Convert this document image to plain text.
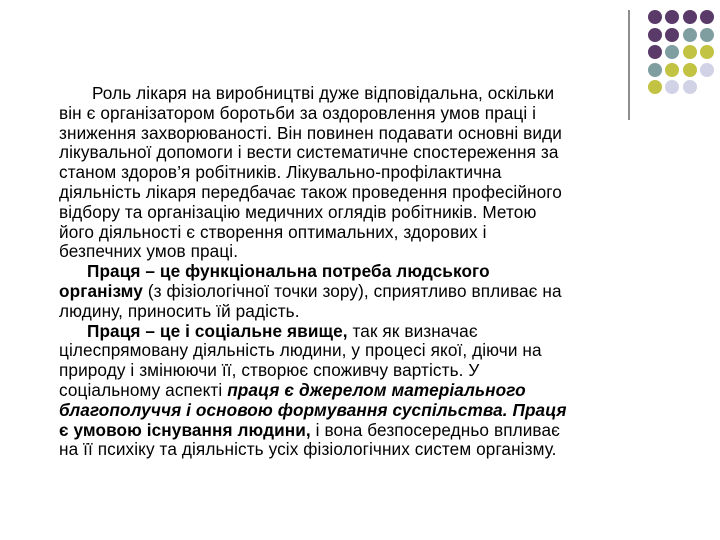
Роль лікаря на виробництві дуже відповідальна, оскільки
він є організатором боротьби за оздоровлення умов праці і
зниження захворюваності. Він повинен подавати основні види
лікувальної допомоги і вести систематичне спостереження за
станом здоров’я робітників. Лікувально-профілактична
діяльність лікаря передбачає також проведення професійного
відбору та організацію медичних оглядів робітників. Метою
його діяльності є створення оптимальних, здорових і
безпечних умов праці.

Праця – це функціональна потреба людського
організму (з фізіологічної точки зору), сприятливо впливає на
людину, приносить їй радість.

Праця – це і соціальне явище, так як визначає
цілеспрямовану діяльність людини, у процесі якої, діючи на
природу і змінюючи її, створює споживчу вартість. У
соціальному аспекті праця є джерелом матеріального
благополуччя і основою формування суспільства. Праця
є умовою існування людини, і вона безпосередньо впливає
на її психіку та діяльність усіх фізіологічних систем організму.
